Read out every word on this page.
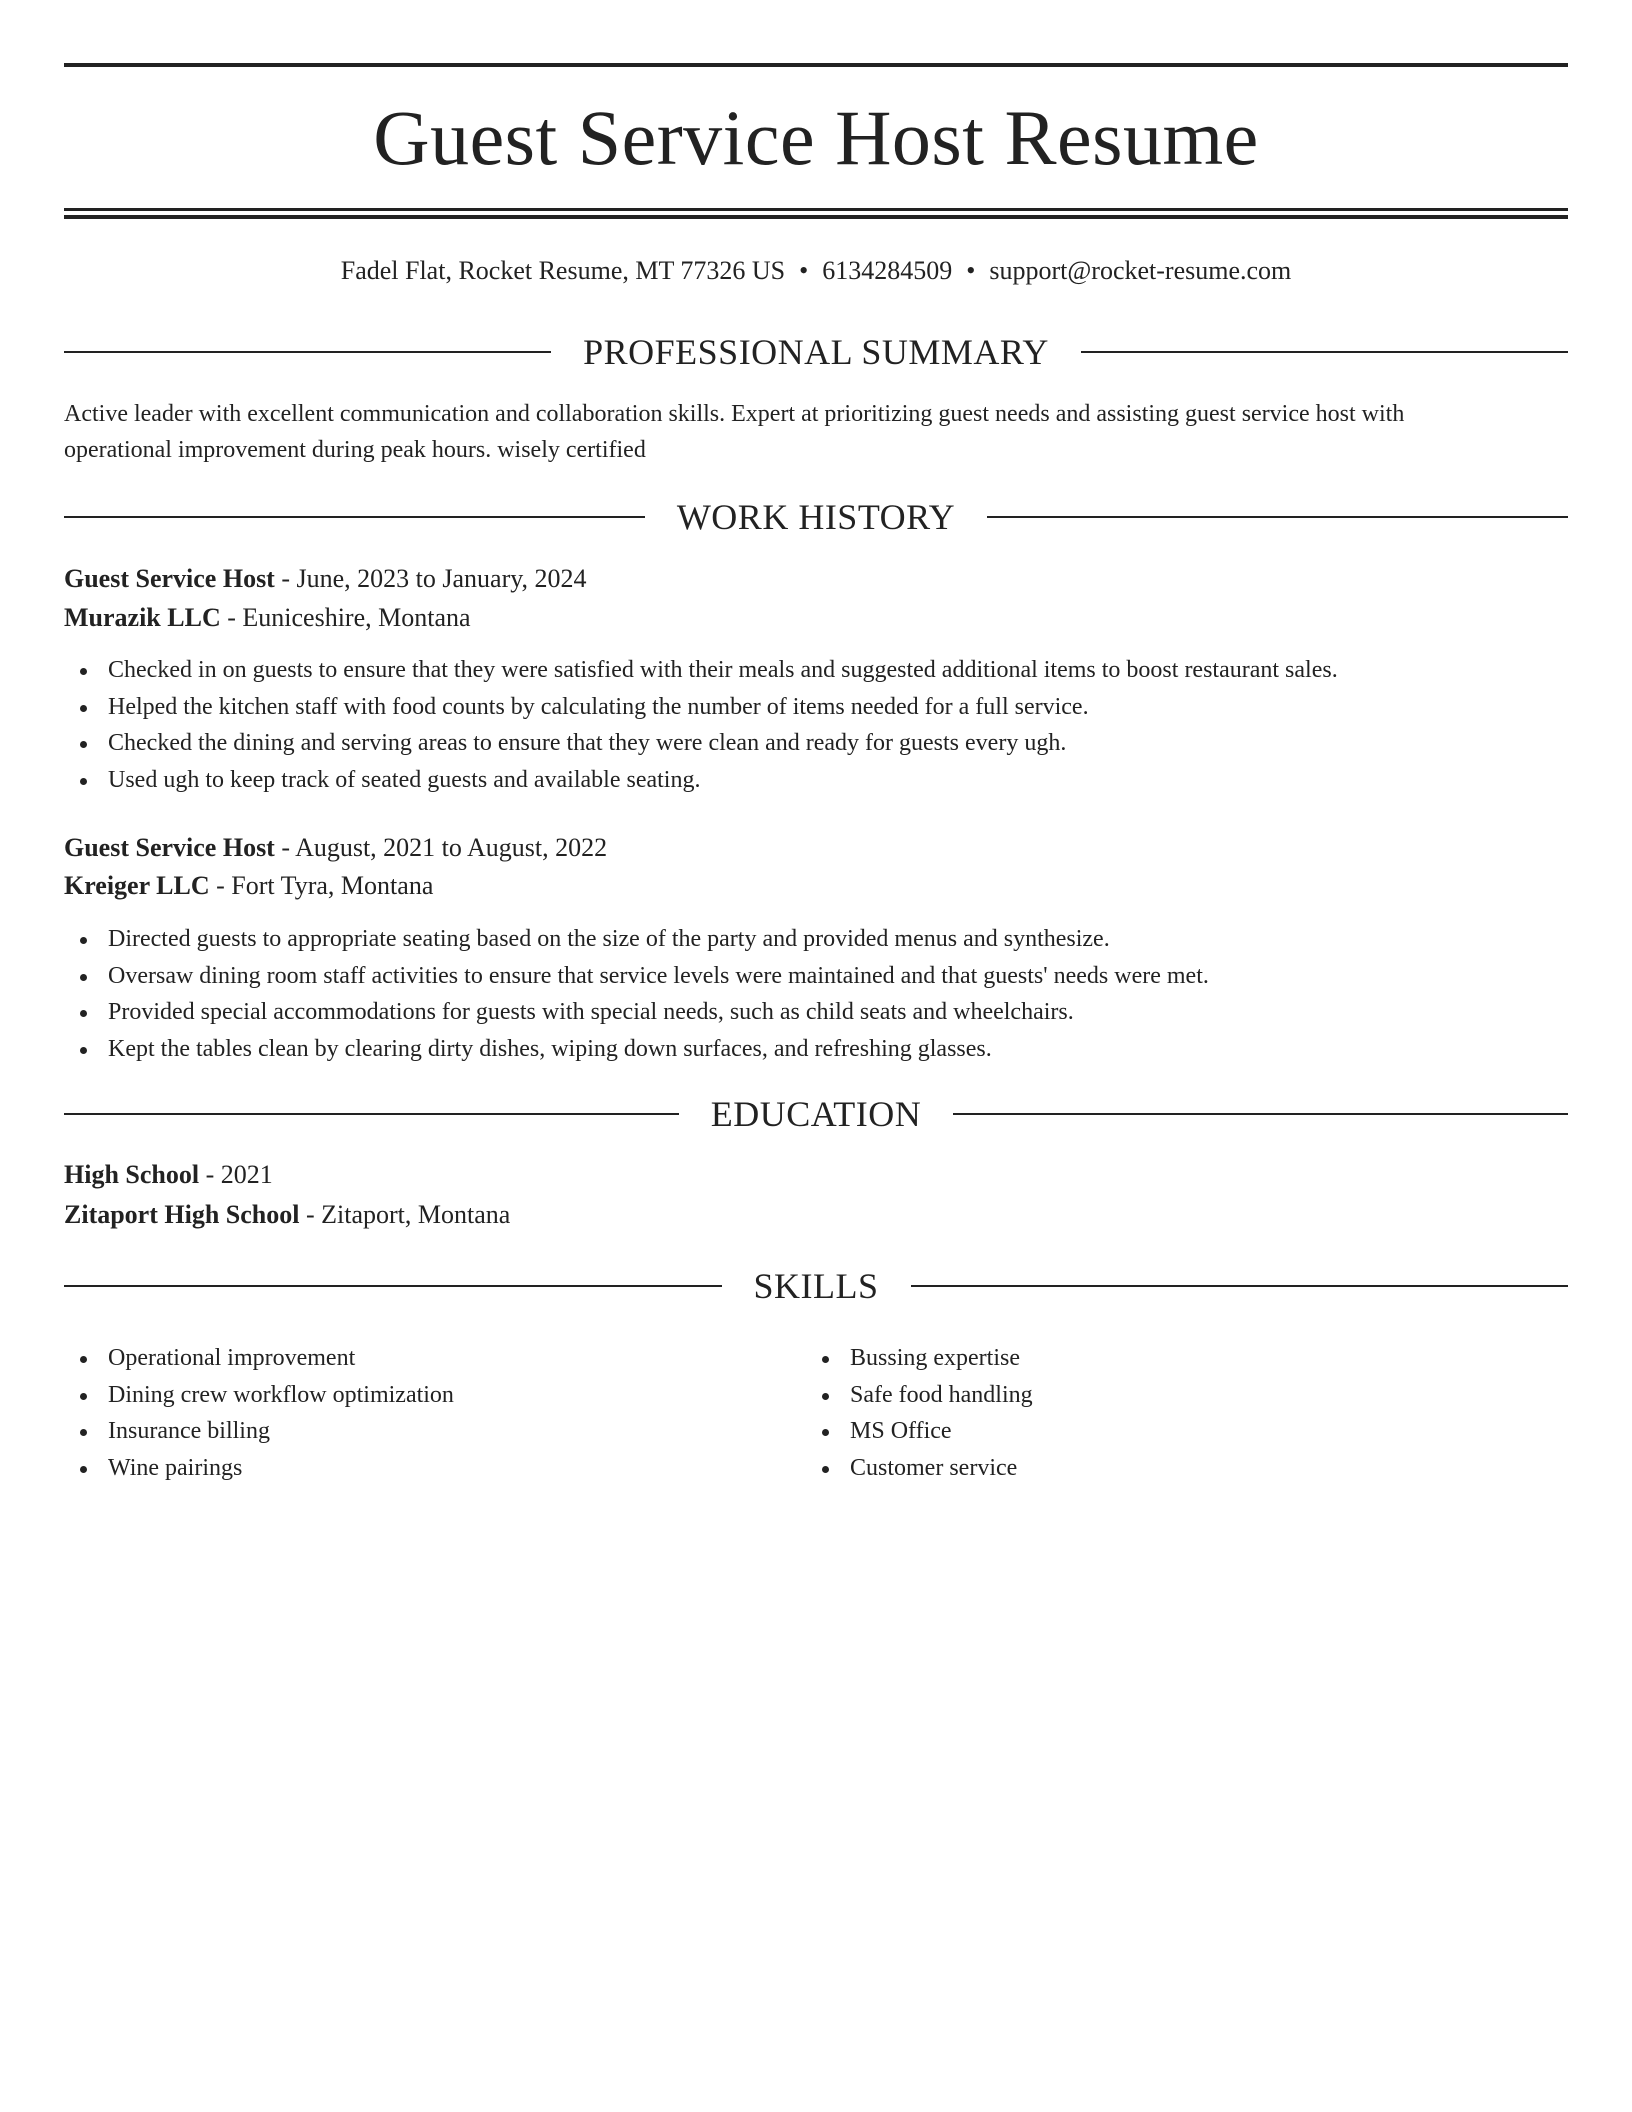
Guest Service Host Resume
Fadel Flat, Rocket Resume, MT 77326 US • 6134284509 • support@rocket-resume.com
PROFESSIONAL SUMMARY
Active leader with excellent communication and collaboration skills. Expert at prioritizing guest needs and assisting guest service host with
operational improvement during peak hours. wisely certified
WORK HISTORY
Guest Service Host - June, 2023 to January, 2024
Murazik LLC - Euniceshire, Montana
Checked in on guests to ensure that they were satisfied with their meals and suggested additional items to boost restaurant sales.
Helped the kitchen staff with food counts by calculating the number of items needed for a full service.
Checked the dining and serving areas to ensure that they were clean and ready for guests every ugh.
Used ugh to keep track of seated guests and available seating.
Guest Service Host - August, 2021 to August, 2022
Kreiger LLC - Fort Tyra, Montana
Directed guests to appropriate seating based on the size of the party and provided menus and synthesize.
Oversaw dining room staff activities to ensure that service levels were maintained and that guests' needs were met.
Provided special accommodations for guests with special needs, such as child seats and wheelchairs.
Kept the tables clean by clearing dirty dishes, wiping down surfaces, and refreshing glasses.
EDUCATION
High School - 2021
Zitaport High School - Zitaport, Montana
SKILLS
Operational improvement
Dining crew workflow optimization
Insurance billing
Wine pairings
Bussing expertise
Safe food handling
MS Office
Customer service
